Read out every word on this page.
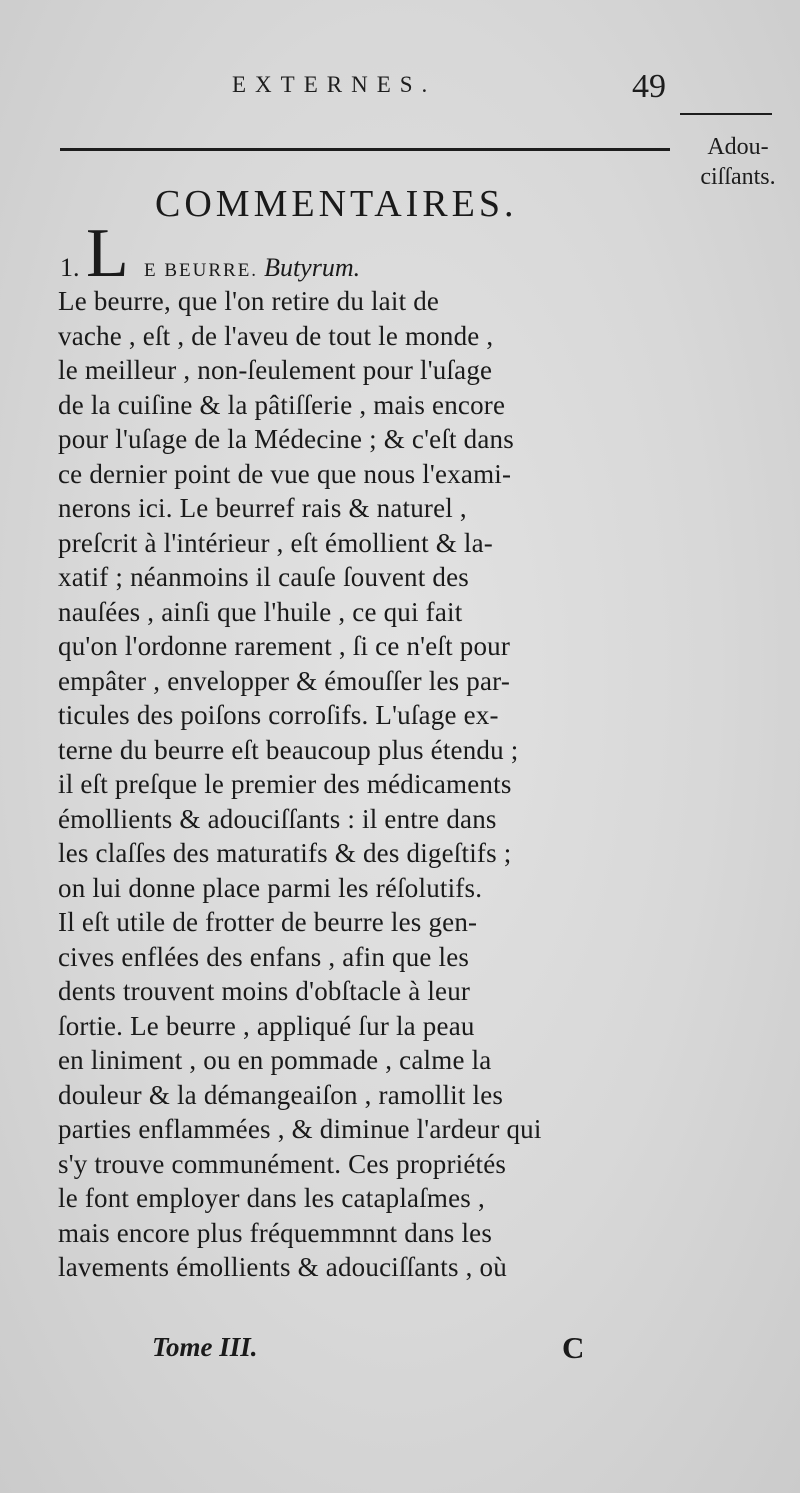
EXTERNES.	49
Adou-
ciſſants.
COMMENTAIRES.
1. L E BEURRE. Butyrum.
Le beurre, que l'on retire du lait de
vache , eſt , de l'aveu de tout le monde ,
le meilleur , non-ſeulement pour l'uſage
de la cuiſine & la pâtiſſerie , mais encore
pour l'uſage de la Médecine ; & c'eſt dans
ce dernier point de vue que nous l'exami-
nerons ici. Le beurref rais & naturel ,
preſcrit à l'intérieur , eſt émollient & la-
xatif ; néanmoins il cauſe ſouvent des
nauſées , ainſi que l'huile , ce qui fait
qu'on l'ordonne rarement , ſi ce n'eſt pour
empâter , envelopper & émouſſer les par-
ticules des poiſons corroſifs. L'uſage ex-
terne du beurre eſt beaucoup plus étendu ;
il eſt preſque le premier des médicaments
émollients & adouciſſants : il entre dans
les claſſes des maturatifs & des digeſtifs ;
on lui donne place parmi les réſolutifs.
Il eſt utile de frotter de beurre les gen-
cives enflées des enfans , afin que les
dents trouvent moins d'obſtacle à leur
ſortie. Le beurre , appliqué ſur la peau
en liniment , ou en pommade , calme la
douleur & la démangeaiſon , ramollit les
parties enflammées , & diminue l'ardeur qui
s'y trouve communément. Ces propriétés
le font employer dans les cataplaſmes ,
mais encore plus fréquemmnnt dans les
lavements émollients & adouciſſants , où
Tome III.	C
